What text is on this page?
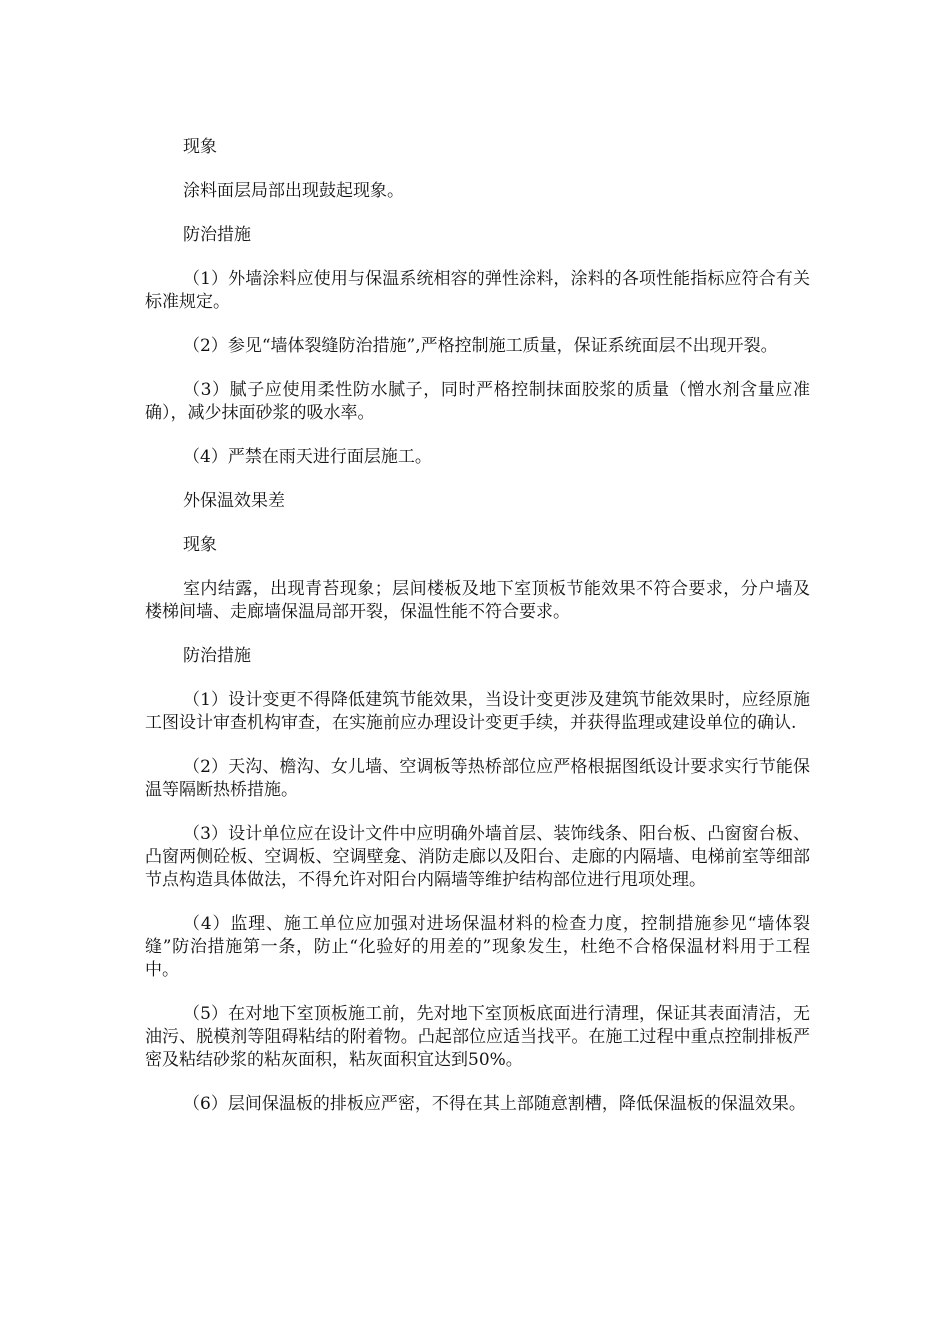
现象

涂料面层局部出现鼓起现象。

防治措施

（1）外墙涂料应使用与保温系统相容的弹性涂料，涂料的各项性能指标应符合有关标准规定。

（2）参见“墙体裂缝防治措施”,严格控制施工质量，保证系统面层不出现开裂。

（3）腻子应使用柔性防水腻子，同时严格控制抹面胶浆的质量（憎水剂含量应准确），减少抹面砂浆的吸水率。

（4）严禁在雨天进行面层施工。

外保温效果差

现象

室内结露，出现青苔现象；层间楼板及地下室顶板节能效果不符合要求，分户墙及楼梯间墙、走廊墙保温局部开裂，保温性能不符合要求。

防治措施

（1）设计变更不得降低建筑节能效果，当设计变更涉及建筑节能效果时，应经原施工图设计审查机构审查，在实施前应办理设计变更手续，并获得监理或建设单位的确认.

（2）天沟、檐沟、女儿墙、空调板等热桥部位应严格根据图纸设计要求实行节能保温等隔断热桥措施。

（3）设计单位应在设计文件中应明确外墙首层、装饰线条、阳台板、凸窗窗台板、凸窗两侧砼板、空调板、空调壁龛、消防走廊以及阳台、走廊的内隔墙、电梯前室等细部节点构造具体做法，不得允许对阳台内隔墙等维护结构部位进行甩项处理。

（4）监理、施工单位应加强对进场保温材料的检查力度，控制措施参见“墙体裂缝”防治措施第一条，防止“化验好的用差的”现象发生，杜绝不合格保温材料用于工程中。

（5）在对地下室顶板施工前，先对地下室顶板底面进行清理，保证其表面清洁，无油污、脱模剂等阻碍粘结的附着物。凸起部位应适当找平。在施工过程中重点控制排板严密及粘结砂浆的粘灰面积，粘灰面积宜达到50%。

（6）层间保温板的排板应严密，不得在其上部随意割槽，降低保温板的保温效果。
